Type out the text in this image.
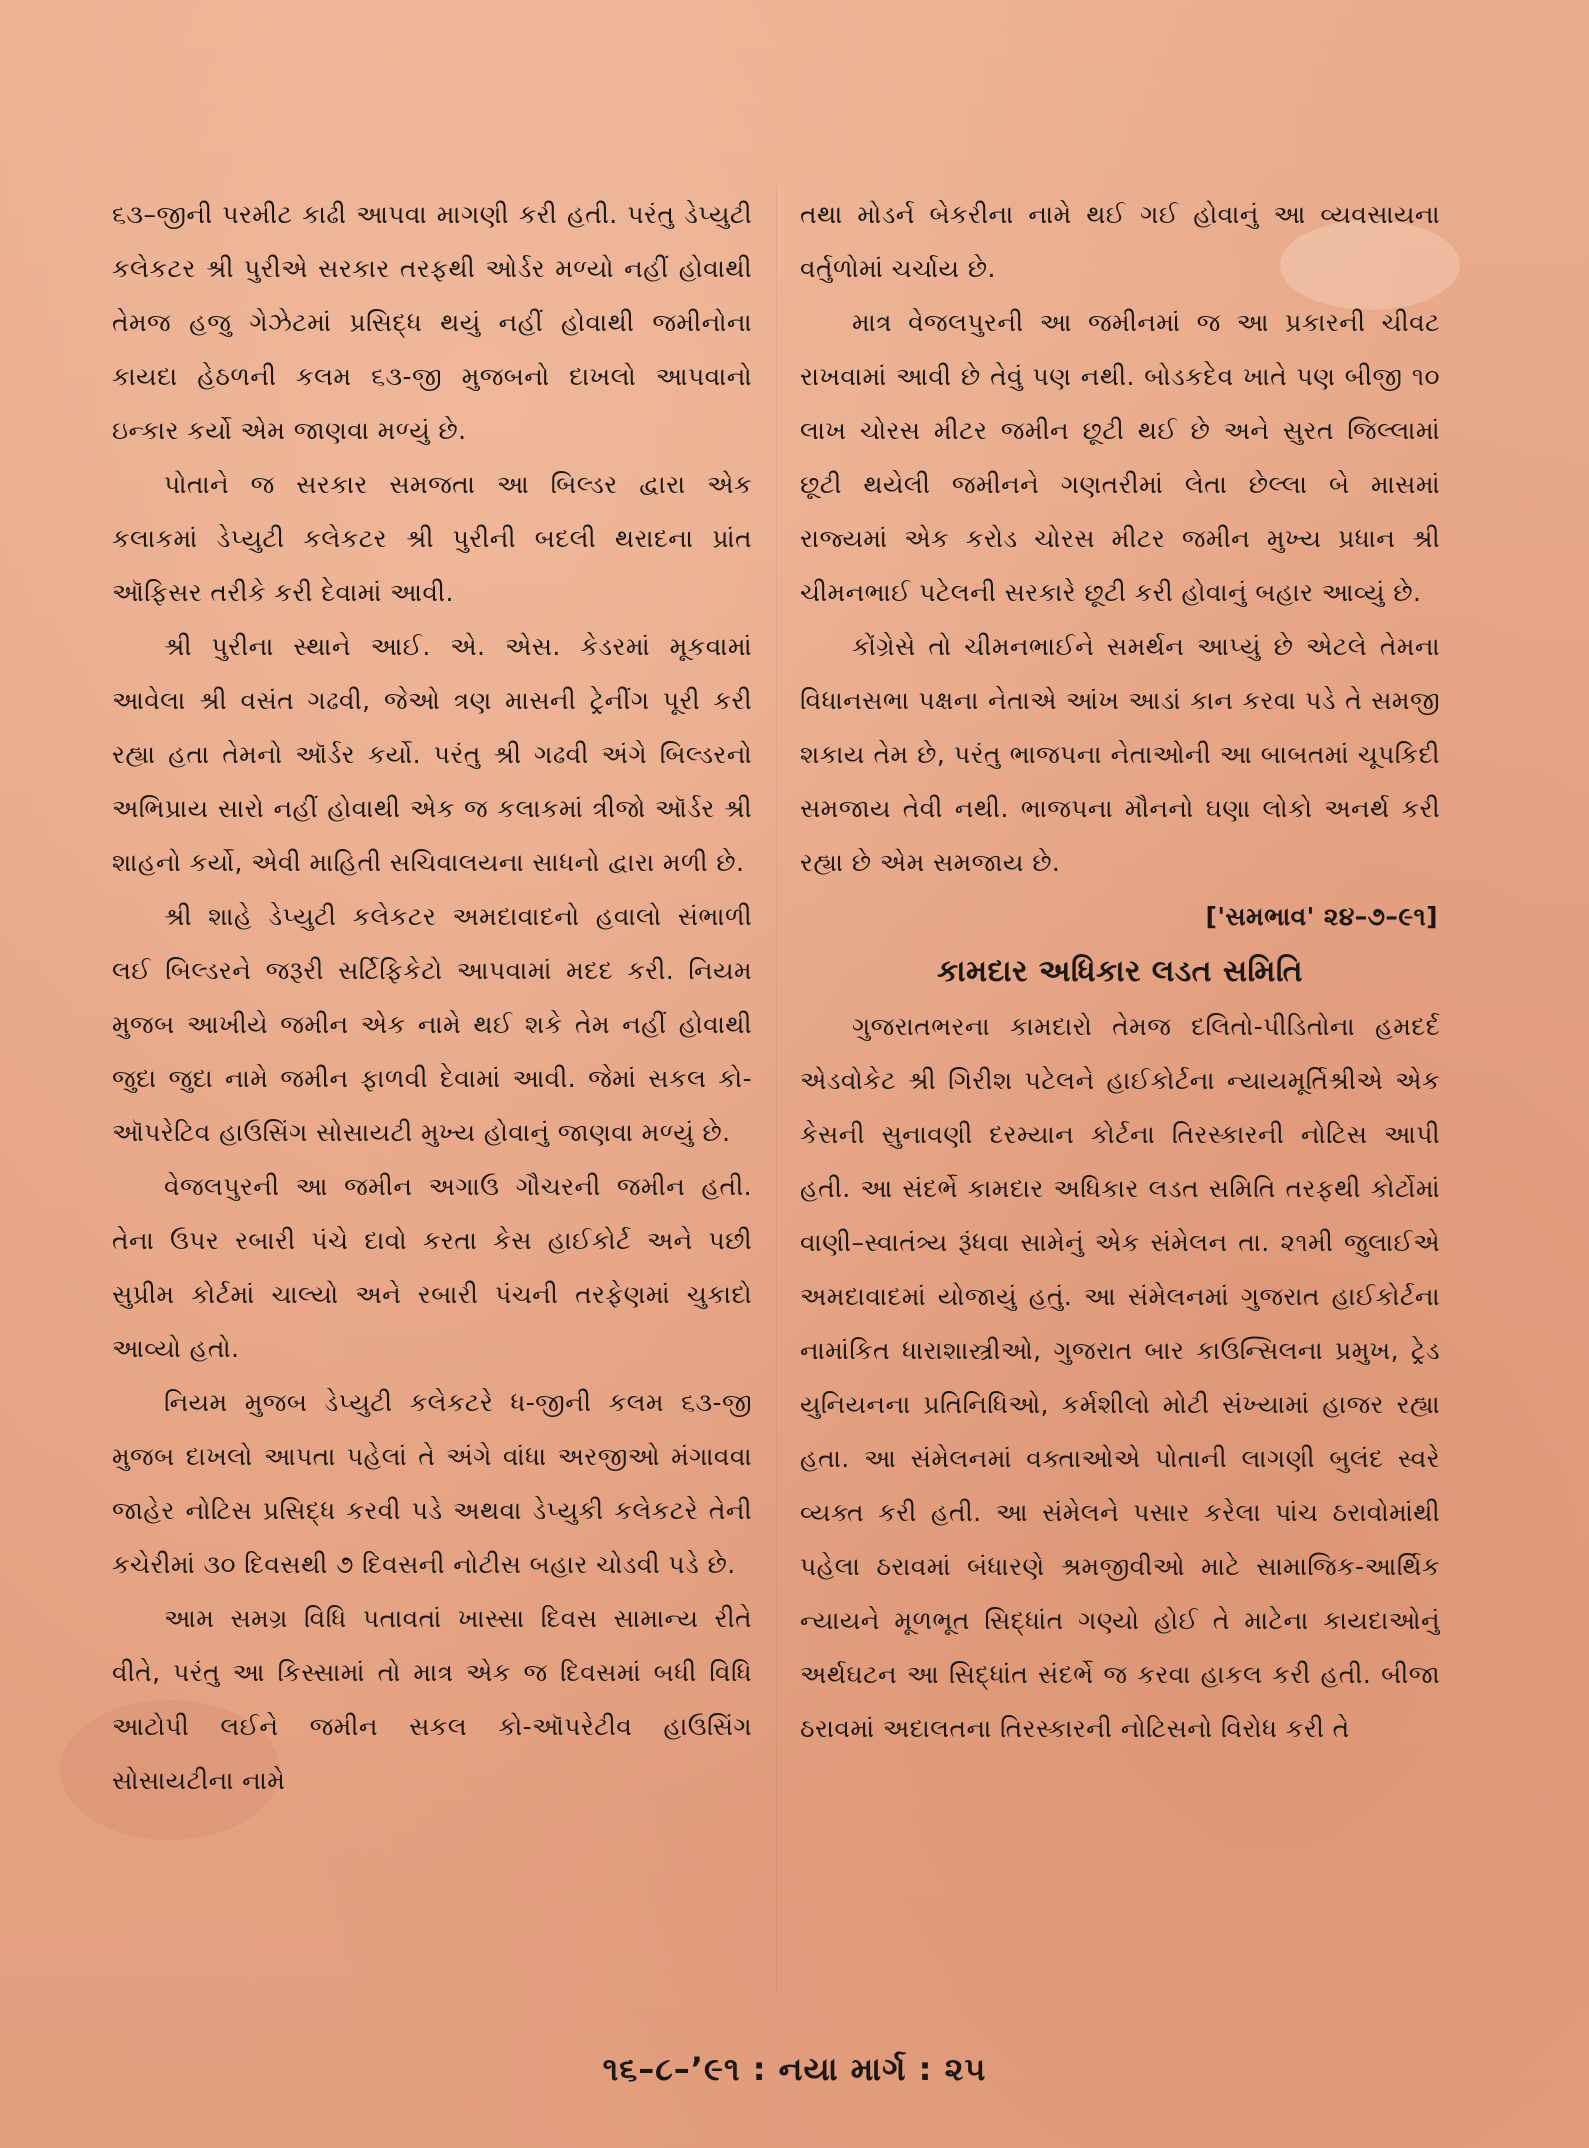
૬૩–જીની પરમીટ કાઢી આપવા માગણી કરી હતી. પરંતુ ડેપ્યુટી કલેકટર શ્રી પુરીએ સરકાર તરફથી ઓર્ડર મળ્યો નહીં હોવાથી તેમજ હજુ ગેઝેટમાં પ્રસિદ્ધ થયું નહીં હોવાથી જમીનોના કાયદા હેઠળની કલમ ૬૩-જી મુજબનો દાખલો આપવાનો ઇન્કાર કર્યો એમ જાણવા મળ્યું છે.

પોતાને જ સરકાર સમજતા આ બિલ્ડર દ્વારા એક કલાકમાં ડેપ્યુટી કલેકટર શ્રી પુરીની બદલી થરાદના પ્રાંત ઑફિસર તરીકે કરી દેવામાં આવી.

શ્રી પુરીના સ્થાને આઈ. એ. એસ. કેડરમાં મૂકવામાં આવેલા શ્રી વસંત ગઢવી, જેઓ ત્રણ માસની ટ્રેનીંગ પૂરી કરી રહ્યા હતા તેમનો ઑર્ડર કર્યો. પરંતુ શ્રી ગઢવી અંગે બિલ્ડરનો અભિપ્રાય સારો નહીં હોવાથી એક જ કલાકમાં ત્રીજો ઑર્ડર શ્રી શાહનો કર્યો, એવી માહિતી સચિવાલયના સાધનો દ્વારા મળી છે.

શ્રી શાહે ડેપ્યુટી કલેકટર અમદાવાદનો હવાલો સંભાળી લઈ બિલ્ડરને જરૂરી સર્ટિફિકેટો આપવામાં મદદ કરી. નિયમ મુજબ આખીયે જમીન એક નામે થઈ શકે તેમ નહીં હોવાથી જુદા જુદા નામે જમીન ફાળવી દેવામાં આવી. જેમાં સકલ કો-ઑપરેટિવ હાઉસિંગ સોસાયટી મુખ્ય હોવાનું જાણવા મળ્યું છે.

વેજલપુરની આ જમીન અગાઉ ગૌચરની જમીન હતી. તેના ઉપર રબારી પંચે દાવો કરતા કેસ હાઈકોર્ટ અને પછી સુપ્રીમ કોર્ટમાં ચાલ્યો અને રબારી પંચની તરફેણમાં ચુકાદો આવ્યો હતો.

નિયમ મુજબ ડેપ્યુટી કલેકટરે ધ-જીની કલમ ૬૩-જી મુજબ દાખલો આપતા પહેલાં તે અંગે વાંધા અરજીઓ મંગાવવા જાહેર નોટિસ પ્રસિદ્ધ કરવી પડે અથવા ડેપ્યુકી કલેકટરે તેની કચેરીમાં ૩૦ દિવસથી ૭ દિવસની નોટીસ બહાર ચોડવી પડે છે.

આમ સમગ્ર વિધિ પતાવતાં ખાસ્સા દિવસ સામાન્ય રીતે વીતે, પરંતુ આ કિસ્સામાં તો માત્ર એક જ દિવસમાં બધી વિધિ આટોપી લઈને જમીન સકલ કો-ઑપરેટીવ હાઉસિંગ સોસાયટીના નામે

તથા મોડર્ન બેકરીના નામે થઈ ગઈ હોવાનું આ વ્યવસાયના વર્તુળોમાં ચર્ચાય છે.

માત્ર વેજલપુરની આ જમીનમાં જ આ પ્રકારની ચીવટ રાખવામાં આવી છે તેવું પણ નથી. બોડકદેવ ખાતે પણ બીજી ૧૦ લાખ ચોરસ મીટર જમીન છૂટી થઈ છે અને સુરત જિલ્લામાં છૂટી થયેલી જમીનને ગણતરીમાં લેતા છેલ્લા બે માસમાં રાજ્યમાં એક કરોડ ચોરસ મીટર જમીન મુખ્ય પ્રધાન શ્રી ચીમનભાઈ પટેલની સરકારે છૂટી કરી હોવાનું બહાર આવ્યું છે.

કોંગ્રેસે તો ચીમનભાઈને સમર્થન આપ્યું છે એટલે તેમના વિધાનસભા પક્ષના નેતાએ આંખ આડાં કાન કરવા પડે તે સમજી શકાય તેમ છે, પરંતુ ભાજપના નેતાઓની આ બાબતમાં ચૂપકિદી સમજાય તેવી નથી. ભાજપના મૌનનો ઘણા લોકો અનર્થ કરી રહ્યા છે એમ સમજાય છે.

['સમભાવ' ૨૪–૭–૯૧]

કામદાર અધિકાર લડત સમિતિ

ગુજરાતભરના કામદારો તેમજ દલિતો-પીડિતોના હમદર્દ એડવોકેટ શ્રી ગિરીશ પટેલને હાઈકોર્ટના ન્યાયમૂર્તિશ્રીએ એક કેસની સુનાવણી દરમ્યાન કોર્ટના તિરસ્કારની નોટિસ આપી હતી. આ સંદર્ભે કામદાર અધિકાર લડત સમિતિ તરફથી કોર્ટોમાં વાણી–સ્વાતંત્ર્ય રૂંધવા સામેનું એક સંમેલન તા. ૨૧મી જુલાઈએ અમદાવાદમાં યોજાયું હતું. આ સંમેલનમાં ગુજરાત હાઈકોર્ટના નામાંકિત ધારાશાસ્ત્રીઓ, ગુજરાત બાર કાઉન્સિલના પ્રમુખ, ટ્રેડ યુનિયનના પ્રતિનિધિઓ, કર્મશીલો મોટી સંખ્યામાં હાજર રહ્યા હતા. આ સંમેલનમાં વક્તાઓએ પોતાની લાગણી બુલંદ સ્વરે વ્યક્ત કરી હતી. આ સંમેલને પસાર કરેલા પાંચ ઠરાવોમાંથી પહેલા ઠરાવમાં બંધારણે શ્રમજીવીઓ માટે સામાજિક-આર્થિક ન્યાયને મૂળભૂત સિદ્ધાંત ગણ્યો હોઈ તે માટેના કાયદાઓનું અર્થઘટન આ સિદ્ધાંત સંદર્ભે જ કરવા હાકલ કરી હતી. બીજા ઠરાવમાં અદાલતના તિરસ્કારની નોટિસનો વિરોધ કરી તે

૧૬–૮–’૯૧ : નયા માર્ગ : ૨૫
